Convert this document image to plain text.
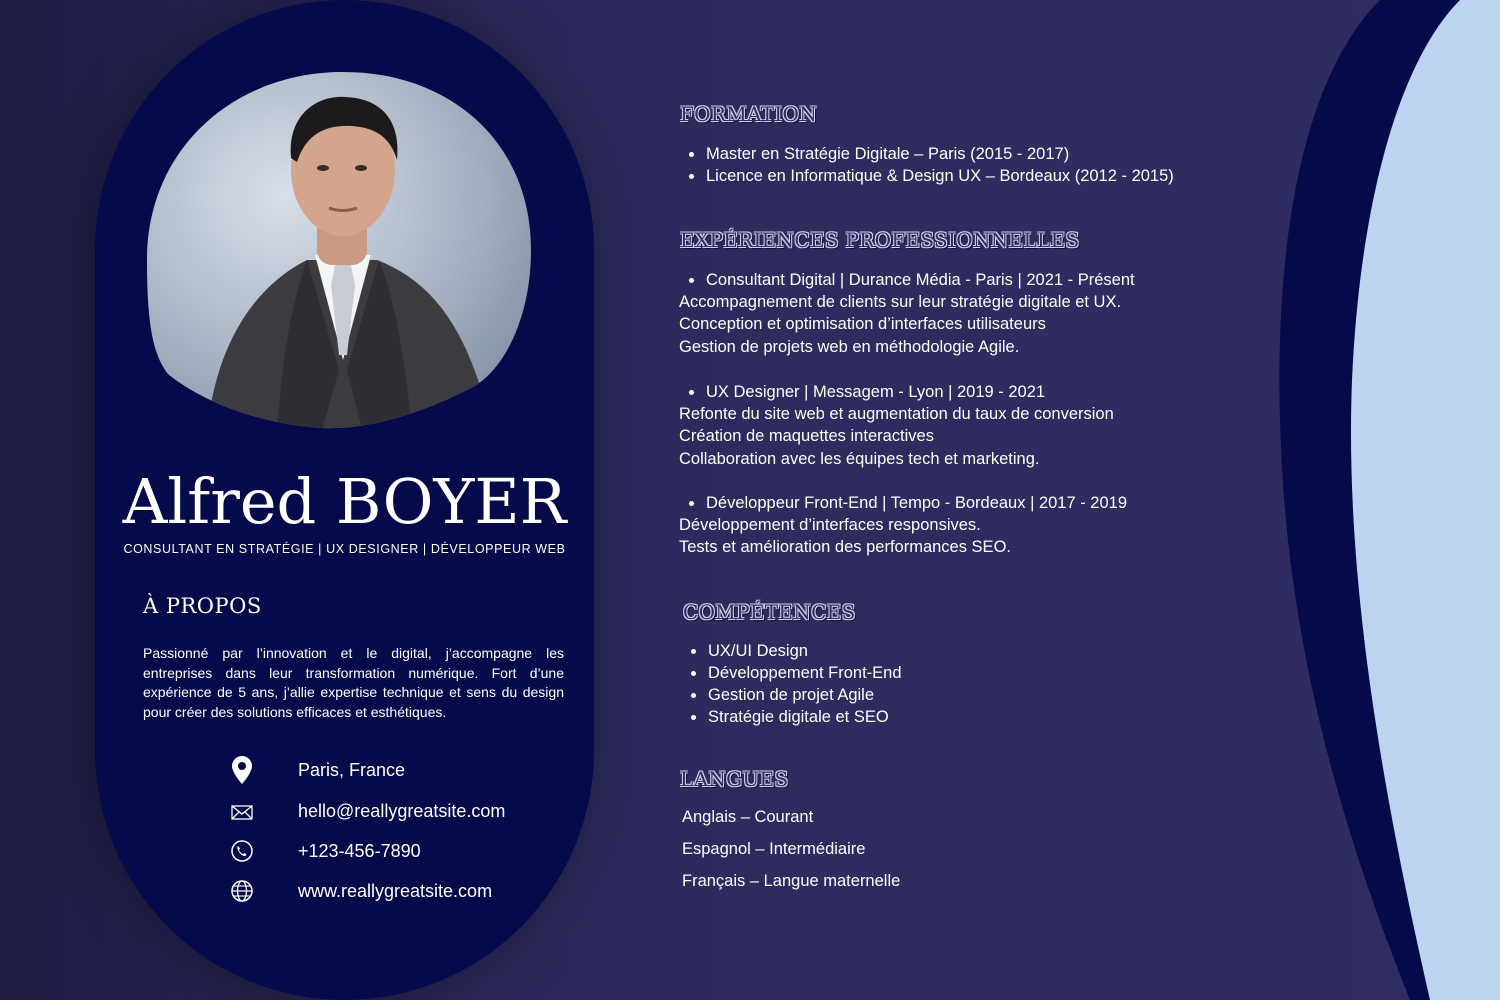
Alfred BOYER
CONSULTANT EN STRATÉGIE | UX DESIGNER | DÉVELOPPEUR WEB
À PROPOS
Passionné par l’innovation et le digital, j’accompagne les entreprises dans leur transformation numérique. Fort d’une expérience de 5 ans, j’allie expertise technique et sens du design pour créer des solutions efficaces et esthétiques.
Paris, France
hello@reallygreatsite.com
+123-456-7890
www.reallygreatsite.com
FORMATION
Master en Stratégie Digitale – Paris (2015 - 2017)
Licence en Informatique & Design UX – Bordeaux (2012 - 2015)
EXPÉRIENCES PROFESSIONNELLES
Consultant Digital | Durance Média - Paris | 2021 - Présent
Accompagnement de clients sur leur stratégie digitale et UX.
Conception et optimisation d’interfaces utilisateurs
Gestion de projets web en méthodologie Agile.
UX Designer | Messagem - Lyon | 2019 - 2021
Refonte du site web et augmentation du taux de conversion
Création de maquettes interactives
Collaboration avec les équipes tech et marketing.
Développeur Front-End | Tempo - Bordeaux | 2017 - 2019
Développement d’interfaces responsives.
Tests et amélioration des performances SEO.
COMPÉTENCES
UX/UI Design
Développement Front-End
Gestion de projet Agile
Stratégie digitale et SEO
LANGUES
Anglais – Courant
Espagnol – Intermédiaire
Français – Langue maternelle
